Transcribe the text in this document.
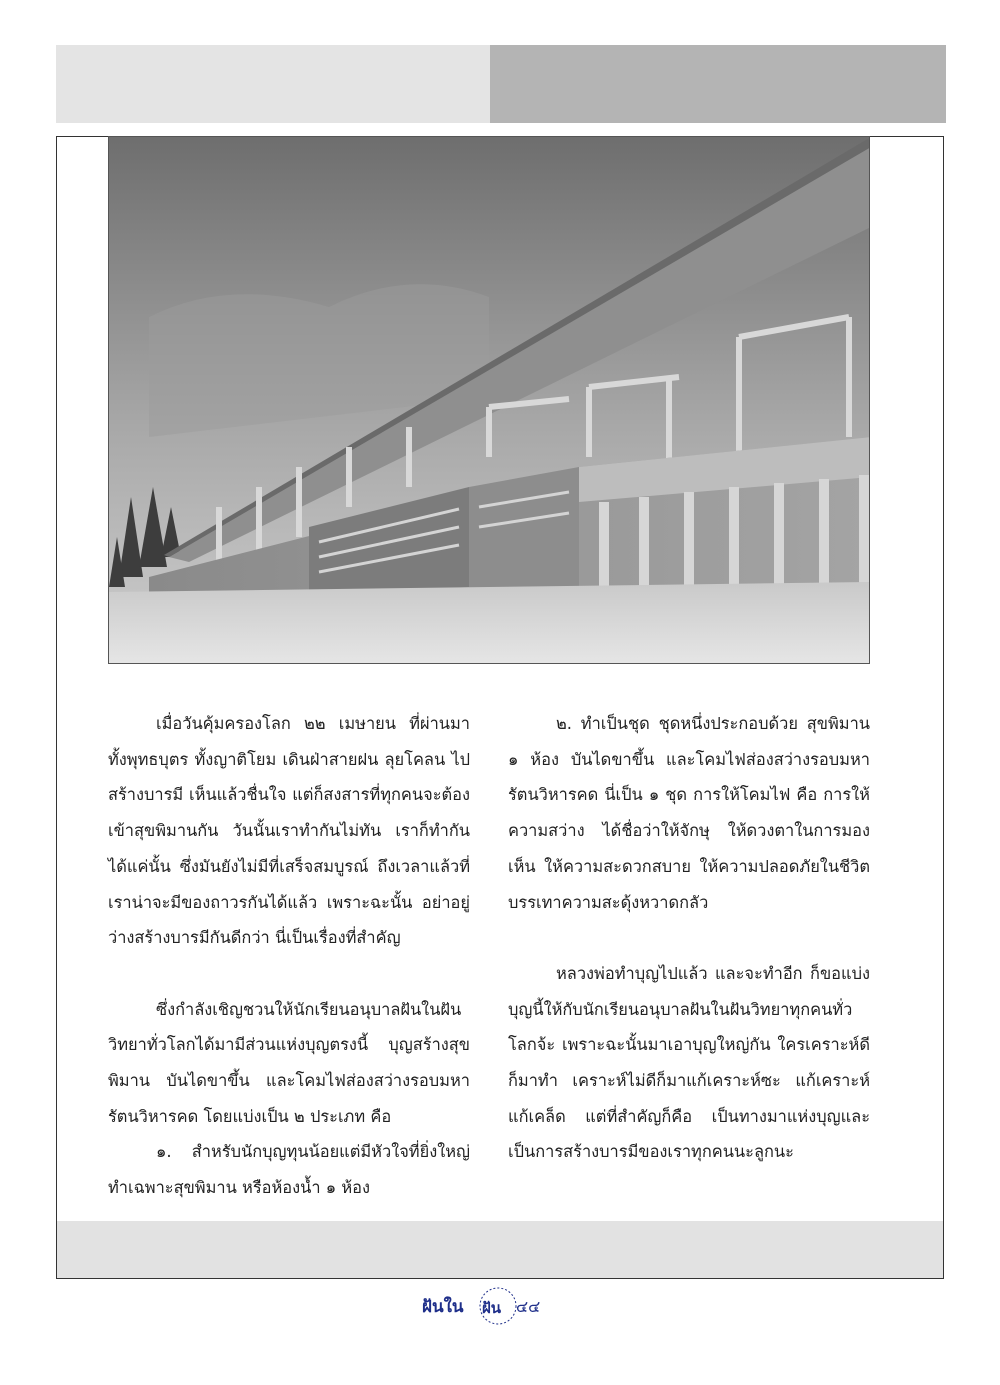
เมื่อวันคุ้มครองโลก ๒๒ เมษายน ที่ผ่านมา ทั้งพุทธบุตร ทั้งญาติโยม เดินฝ่าสายฝน ลุยโคลน ไปสร้างบารมี เห็นแล้วชื่นใจ แต่ก็สงสารที่ทุกคนจะต้องเข้าสุขพิมานกัน วันนั้นเราทำกันไม่ทัน เราก็ทำกันได้แค่นั้น ซึ่งมันยังไม่มีที่เสร็จสมบูรณ์ ถึงเวลาแล้วที่เราน่าจะมีของถาวรกันได้แล้ว เพราะฉะนั้น อย่าอยู่ว่างสร้างบารมีกันดีกว่า นี่เป็นเรื่องที่สำคัญ

ซึ่งกำลังเชิญชวนให้นักเรียนอนุบาลฝันในฝันวิทยาทั่วโลกได้มามีส่วนแห่งบุญตรงนี้ บุญสร้างสุขพิมาน บันไดขาขึ้น และโคมไฟส่องสว่างรอบมหารัตนวิหารคด โดยแบ่งเป็น ๒ ประเภท คือ

๑. สำหรับนักบุญทุนน้อยแต่มีหัวใจที่ยิ่งใหญ่ ทำเฉพาะสุขพิมาน หรือห้องน้ำ ๑ ห้อง

๒. ทำเป็นชุด ชุดหนึ่งประกอบด้วย สุขพิมาน ๑ ห้อง บันไดขาขึ้น และโคมไฟส่องสว่างรอบมหารัตนวิหารคด นี่เป็น ๑ ชุด การให้โคมไฟ คือ การให้ความสว่าง ได้ชื่อว่าให้จักษุ ให้ดวงตาในการมองเห็น ให้ความสะดวกสบาย ให้ความปลอดภัยในชีวิต บรรเทาความสะดุ้งหวาดกลัว

หลวงพ่อทำบุญไปแล้ว และจะทำอีก ก็ขอแบ่งบุญนี้ให้กับนักเรียนอนุบาลฝันในฝันวิทยาทุกคนทั่วโลกจ้ะ เพราะฉะนั้นมาเอาบุญใหญ่กัน ใครเคราะห์ดีก็มาทำ เคราะห์ไม่ดีก็มาแก้เคราะห์ซะ แก้เคราะห์ แก้เคล็ด แต่ที่สำคัญก็คือ เป็นทางมาแห่งบุญและเป็นการสร้างบารมีของเราทุกคนนะลูกนะ

ฝันใน ฝัน ๔๔
